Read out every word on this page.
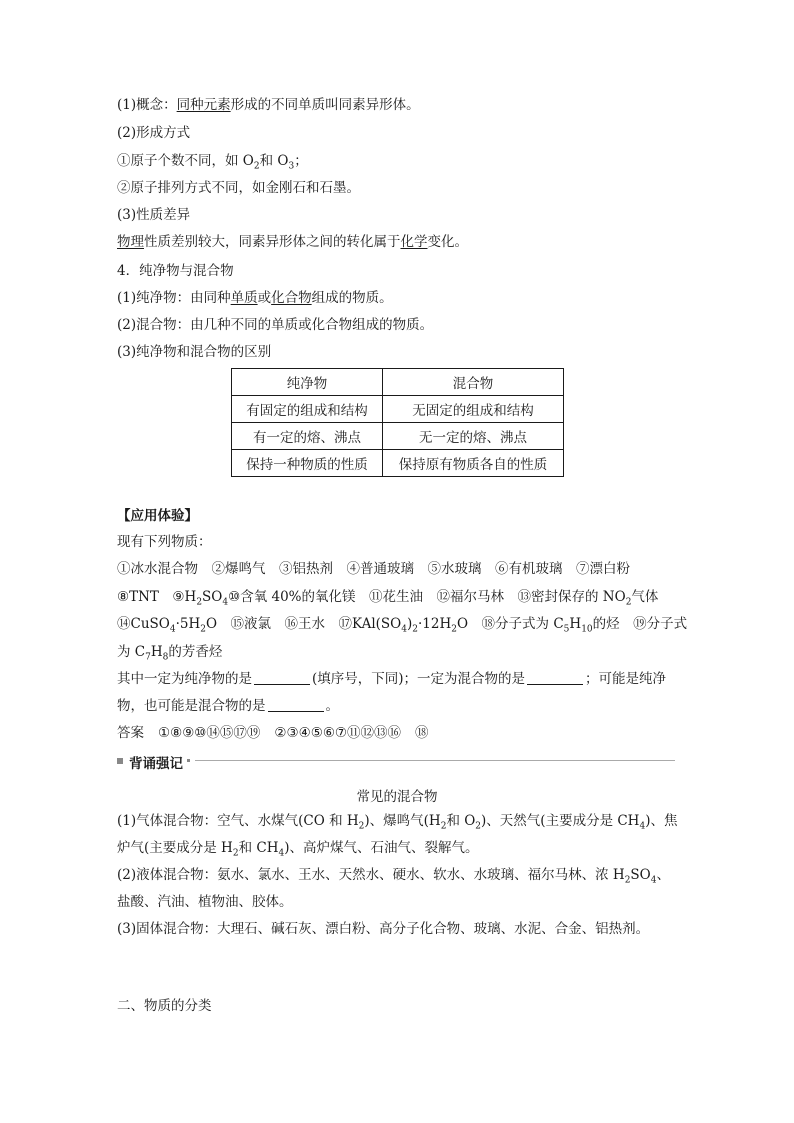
(1)概念：同种元素形成的不同单质叫同素异形体。
(2)形成方式
①原子个数不同，如 $O_2$和 $O_3$；
②原子排列方式不同，如金刚石和石墨。
(3)性质差异
物理性质差别较大，同素异形体之间的转化属于化学变化。
4．纯净物与混合物
(1)纯净物：由同种单质或化合物组成的物质。
(2)混合物：由几种不同的单质或化合物组成的物质。
(3)纯净物和混合物的区别
纯净物	混合物
有固定的组成和结构	无固定的组成和结构
有一定的熔、沸点	无一定的熔、沸点
保持一种物质的性质	保持原有物质各自的性质
【应用体验】
现有下列物质：
①冰水混合物　②爆鸣气　③铝热剂　④普通玻璃　⑤水玻璃　⑥有机玻璃　⑦漂白粉
⑧TNT　$⑨H_2SO_4⑩$含氧 40%的氧化镁　⑪花生油　⑫福尔马林　⑬密封保存的 $NO_2$气体
$⑭CuSO_4\cdot 5H_2O$　⑮液氯　⑯王水　$⑰KAl(SO_4)_2\cdot 12H_2O$　⑱分子式为 $C_5H_{10}$的烃　⑲分子式
为 $C_7H_8$的芳香烃
其中一定为纯净物的是	(填序号，下同)；一定为混合物的是	；可能是纯净
物，也可能是混合物的是	。
答案 ①⑧⑨⑩⑭⑮⑰⑲ ②③④⑤⑥⑦⑪⑫⑬⑯ ⑱
背诵强记
常见的混合物
(1)气体混合物：空气、水煤气(CO 和 $H_2$)、爆鸣气($H_2$和 $O_2$)、天然气(主要成分是 $CH_4$)、焦
炉气(主要成分是 $H_2$和 $CH_4$)、高炉煤气、石油气、裂解气。
(2)液体混合物：氨水、氯水、王水、天然水、硬水、软水、水玻璃、福尔马林、浓 $H_2SO_4$、
盐酸、汽油、植物油、胶体。
(3)固体混合物：大理石、碱石灰、漂白粉、高分子化合物、玻璃、水泥、合金、铝热剂。
二、物质的分类
